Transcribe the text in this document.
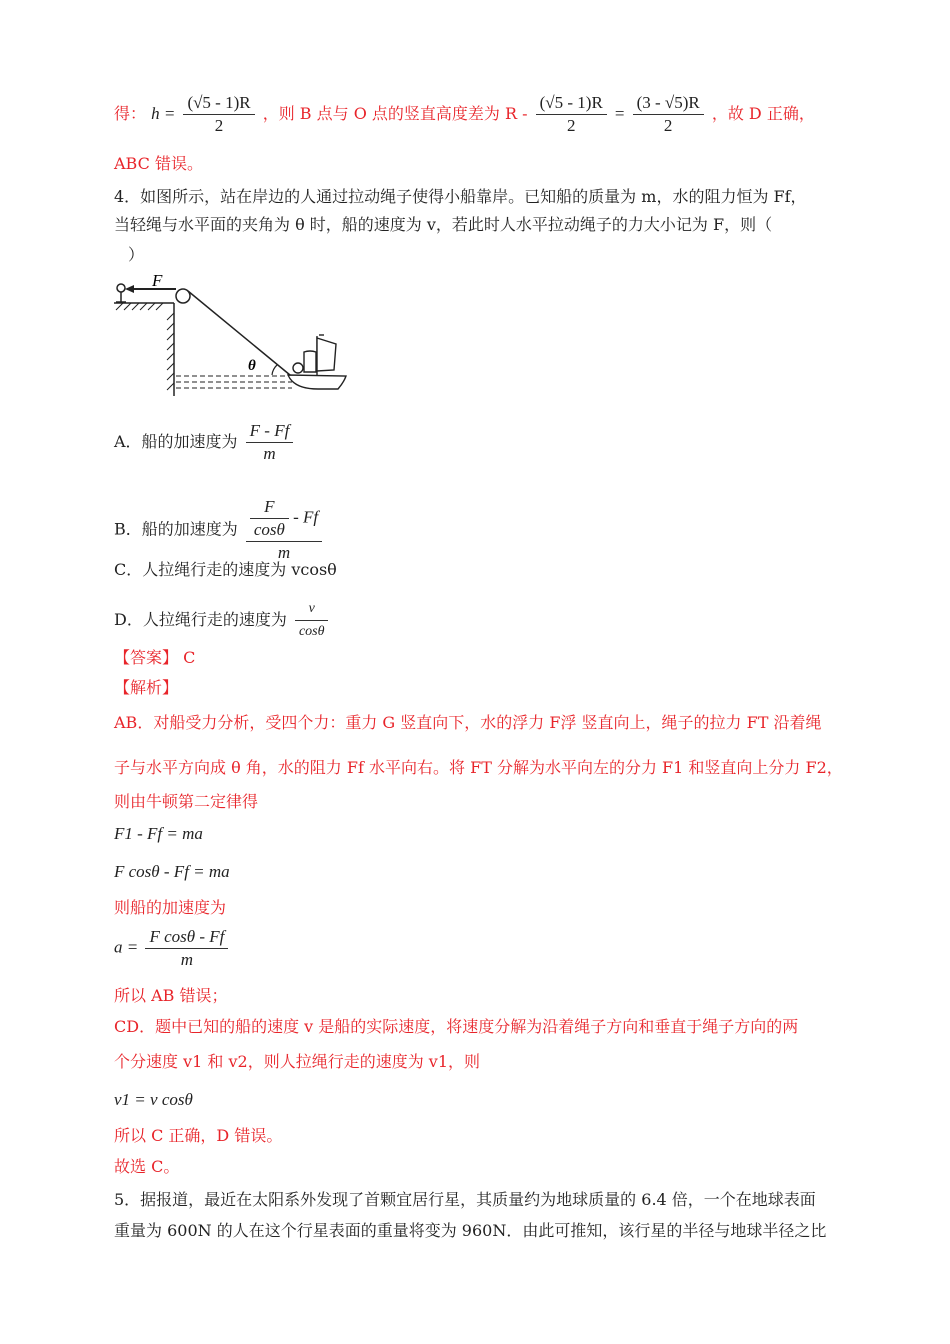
得： $h = \frac{(√5 - 1)R}{2}$ ，则 B 点与 O 点的竖直高度差为 $R - \frac{(√5 - 1)R}{2} = \frac{(3 - √5)R}{2}$ ，故 D 正确，
ABC 错误。
4．如图所示，站在岸边的人通过拉动绳子使得小船靠岸。已知船的质量为 m，水的阻力恒为 Ff，
当轻绳与水平面的夹角为 θ 时，船的速度为 v，若此时人水平拉动绳子的力大小记为 F，则（
）
F
θ
A．船的加速度为 $\frac{F - Ff}{m}$
B．船的加速度为 $\frac{\frac{F}{\cos\theta} - Ff}{m}$
C．人拉绳行走的速度为 vcosθ
D．人拉绳行走的速度为 $\frac{v}{\cos\theta}$
【答案】 C
【解析】
AB．对船受力分析，受四个力：重力 G 竖直向下，水的浮力 F浮 竖直向上，绳子的拉力 FT 沿着绳
子与水平方向成 θ 角，水的阻力 Ff 水平向右。将 FT 分解为水平向左的分力 F1 和竖直向上分力 F2，
则由牛顿第二定律得
F1 - Ff = ma
F cosθ - Ff = ma
则船的加速度为
$a = \frac{\text{F cosθ - Ff}}{m}$
所以 AB 错误；
CD．题中已知的船的速度 v 是船的实际速度，将速度分解为沿着绳子方向和垂直于绳子方向的两
个分速度 v1 和 v2，则人拉绳行走的速度为 v1，则
v1 = v cosθ
所以 C 正确，D 错误。
故选 C。
5．据报道，最近在太阳系外发现了首颗宜居行星，其质量约为地球质量的 6.4 倍，一个在地球表面
重量为 600N 的人在这个行星表面的重量将变为 960N．由此可推知，该行星的半径与地球半径之比
